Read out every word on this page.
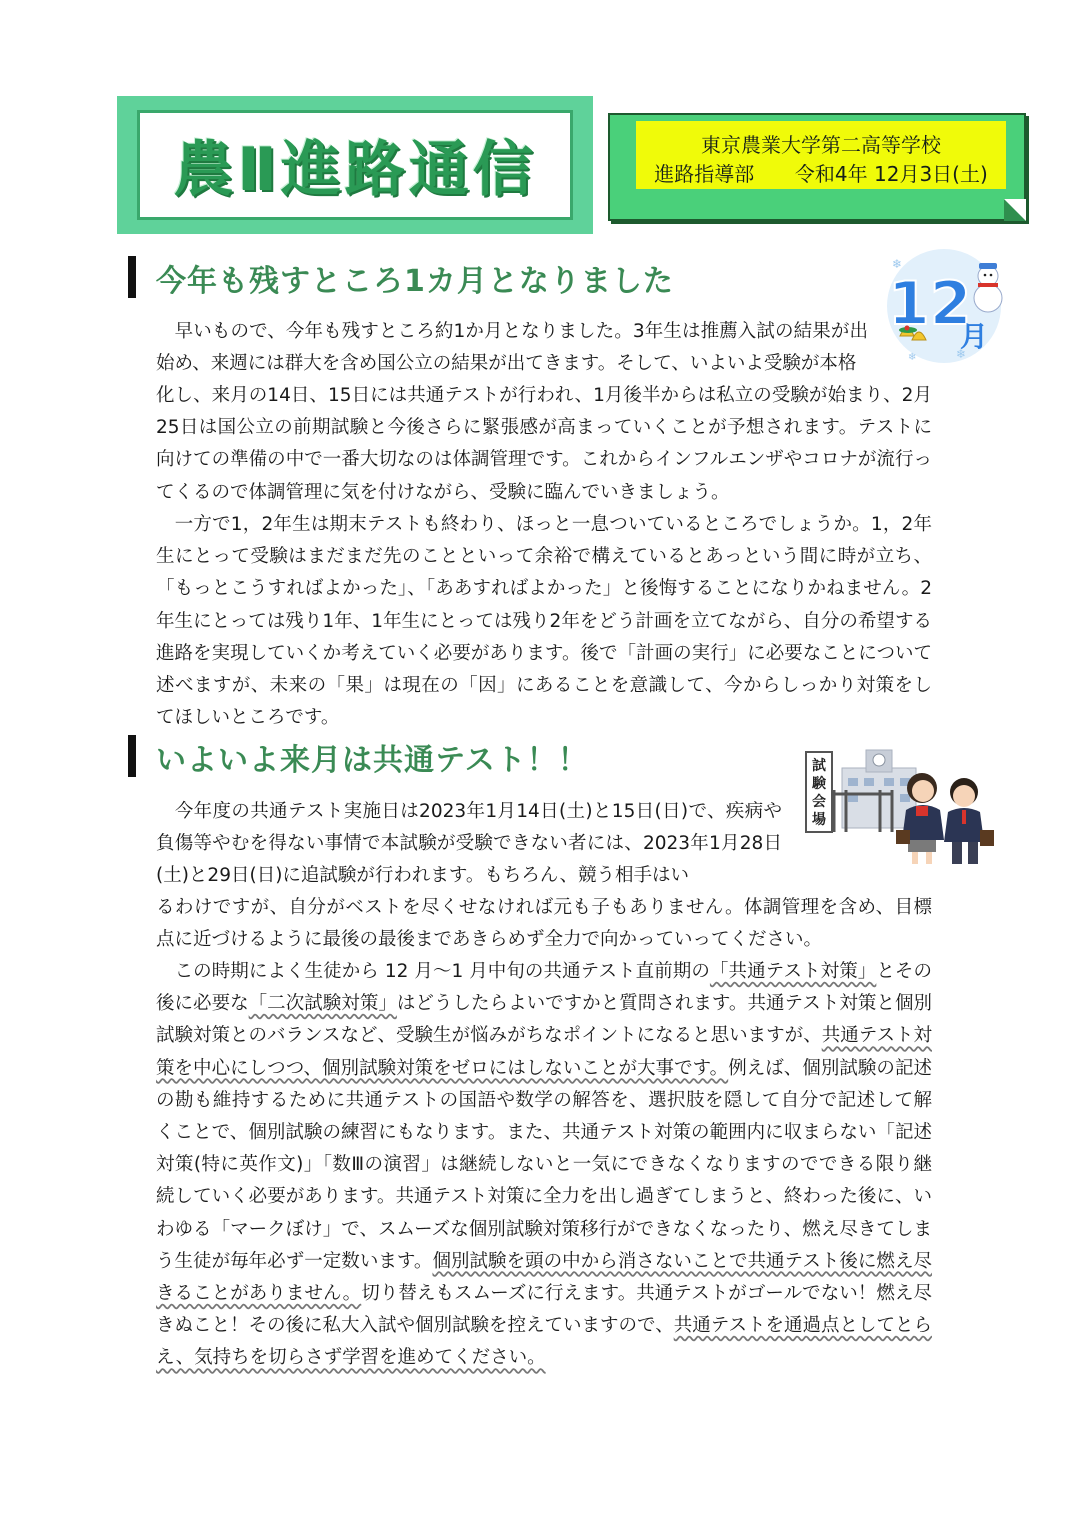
農Ⅱ進路通信	東京農業大学第二高等学校
進路指導部 令和4年 12月3日(土)
今年も残すところ1カ月となりました	❄
❄
❄
12
月

　早いもので、今年も残すところ約1か月となりました。3年生は推薦入試の結果が出始め、来週には群大を含め国公立の結果が出てきます。そして、いよいよ受験が本格

化し、来月の14日、15日には共通テストが行われ、1月後半からは私立の受験が始まり、2月25日は国公立の前期試験と今後さらに緊張感が高まっていくことが予想されます。テストに向けての準備の中で一番大切なのは体調管理です。これからインフルエンザやコロナが流行ってくるので体調管理に気を付けながら、受験に臨んでいきましょう。

　一方で1，2年生は期末テストも終わり、ほっと一息ついているところでしょうか。1，2年生にとって受験はまだまだ先のことといって余裕で構えているとあっという間に時が立ち、「もっとこうすればよかった」、「ああすればよかった」と後悔することになりかねません。2年生にとっては残り1年、1年生にとっては残り2年をどう計画を立てながら、自分の希望する進路を実現していくか考えていく必要があります。後で「計画の実行」に必要なことについて述べますが、未来の「果」は現在の「因」にあることを意識して、今からしっかり対策をしてほしいところです。

いよいよ来月は共通テスト！！	試
験
会
場

　今年度の共通テスト実施日は2023年1月14日(土)と15日(日)で、疾病や負傷等やむを得ない事情で本試験が受験できない者には、2023年1月28日(土)と29日(日)に追試験が行われます。もちろん、競う相手はい

るわけですが、自分がベストを尽くせなければ元も子もありません。体調管理を含め、目標点に近づけるように最後の最後まであきらめず全力で向かっていってください。

　この時期によく生徒から 12 月～1 月中旬の共通テスト直前期の「共通テスト対策」とその後に必要な「二次試験対策」はどうしたらよいですかと質問されます。共通テスト対策と個別試験対策とのバランスなど、受験生が悩みがちなポイントになると思いますが、共通テスト対策を中心にしつつ、個別試験対策をゼロにはしないことが大事です。例えば、個別試験の記述の勘も維持するために共通テストの国語や数学の解答を、選択肢を隠して自分で記述して解くことで、個別試験の練習にもなります。また、共通テスト対策の範囲内に収まらない「記述対策(特に英作文)」「数Ⅲの演習」は継続しないと一気にできなくなりますのでできる限り継続していく必要があります。共通テスト対策に全力を出し過ぎてしまうと、終わった後に、いわゆる「マークぼけ」で、スムーズな個別試験対策移行ができなくなったり、燃え尽きてしまう生徒が毎年必ず一定数います。個別試験を頭の中から消さないことで共通テスト後に燃え尽きることがありません。切り替えもスムーズに行えます。共通テストがゴールでない！燃え尽きぬこと！その後に私大入試や個別試験を控えていますので、共通テストを通過点としてとらえ、気持ちを切らさず学習を進めてください。
